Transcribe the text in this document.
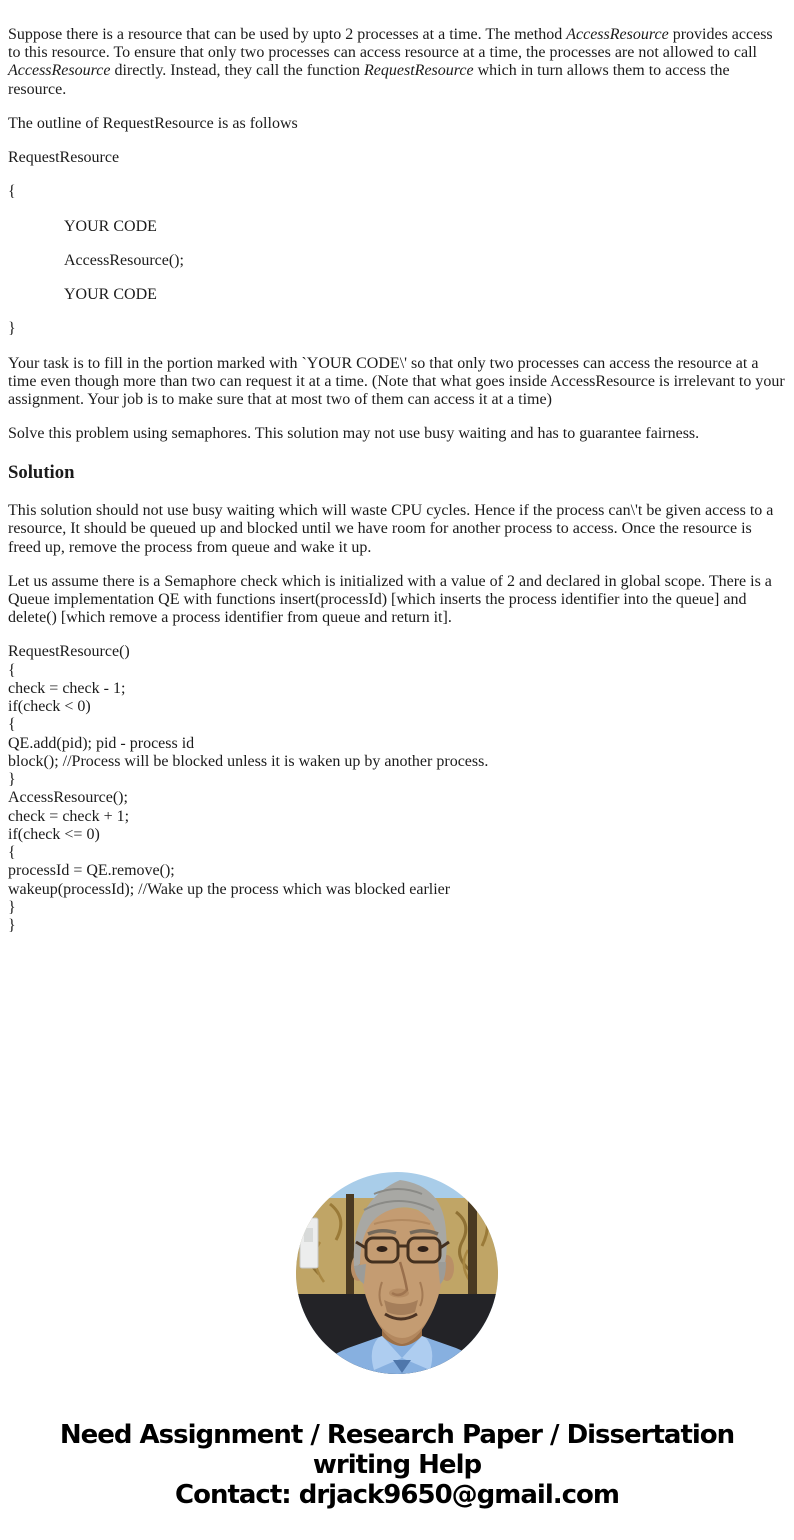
Suppose there is a resource that can be used by upto 2 processes at a time. The method AccessResource provides access to this resource. To ensure that only two processes can access resource at a time, the processes are not allowed to call AccessResource directly. Instead, they call the function RequestResource which in turn allows them to access the resource.

The outline of RequestResource is as follows

RequestResource

{

YOUR CODE

AccessResource();

YOUR CODE

}

Your task is to fill in the portion marked with `YOUR CODE\' so that only two processes can access the resource at a time even though more than two can request it at a time. (Note that what goes inside AccessResource is irrelevant to your assignment. Your job is to make sure that at most two of them can access it at a time)

Solve this problem using semaphores. This solution may not use busy waiting and has to guarantee fairness.

Solution

This solution should not use busy waiting which will waste CPU cycles. Hence if the process can\'t be given access to a resource, It should be queued up and blocked until we have room for another process to access. Once the resource is freed up, remove the process from queue and wake it up.

Let us assume there is a Semaphore check which is initialized with a value of 2 and declared in global scope. There is a Queue implementation QE with functions insert(processId) [which inserts the process identifier into the queue] and delete() [which remove a process identifier from queue and return it].

RequestResource()
{
check = check - 1;
if(check < 0)
{
QE.add(pid); pid - process id
block(); //Process will be blocked unless it is waken up by another process.
}
AccessResource();
check = check + 1;
if(check <= 0)
{
processId = QE.remove();
wakeup(processId); //Wake up the process which was blocked earlier
}
}
Need Assignment / Research Paper / Dissertation
writing Help
Contact: drjack9650@gmail.com
